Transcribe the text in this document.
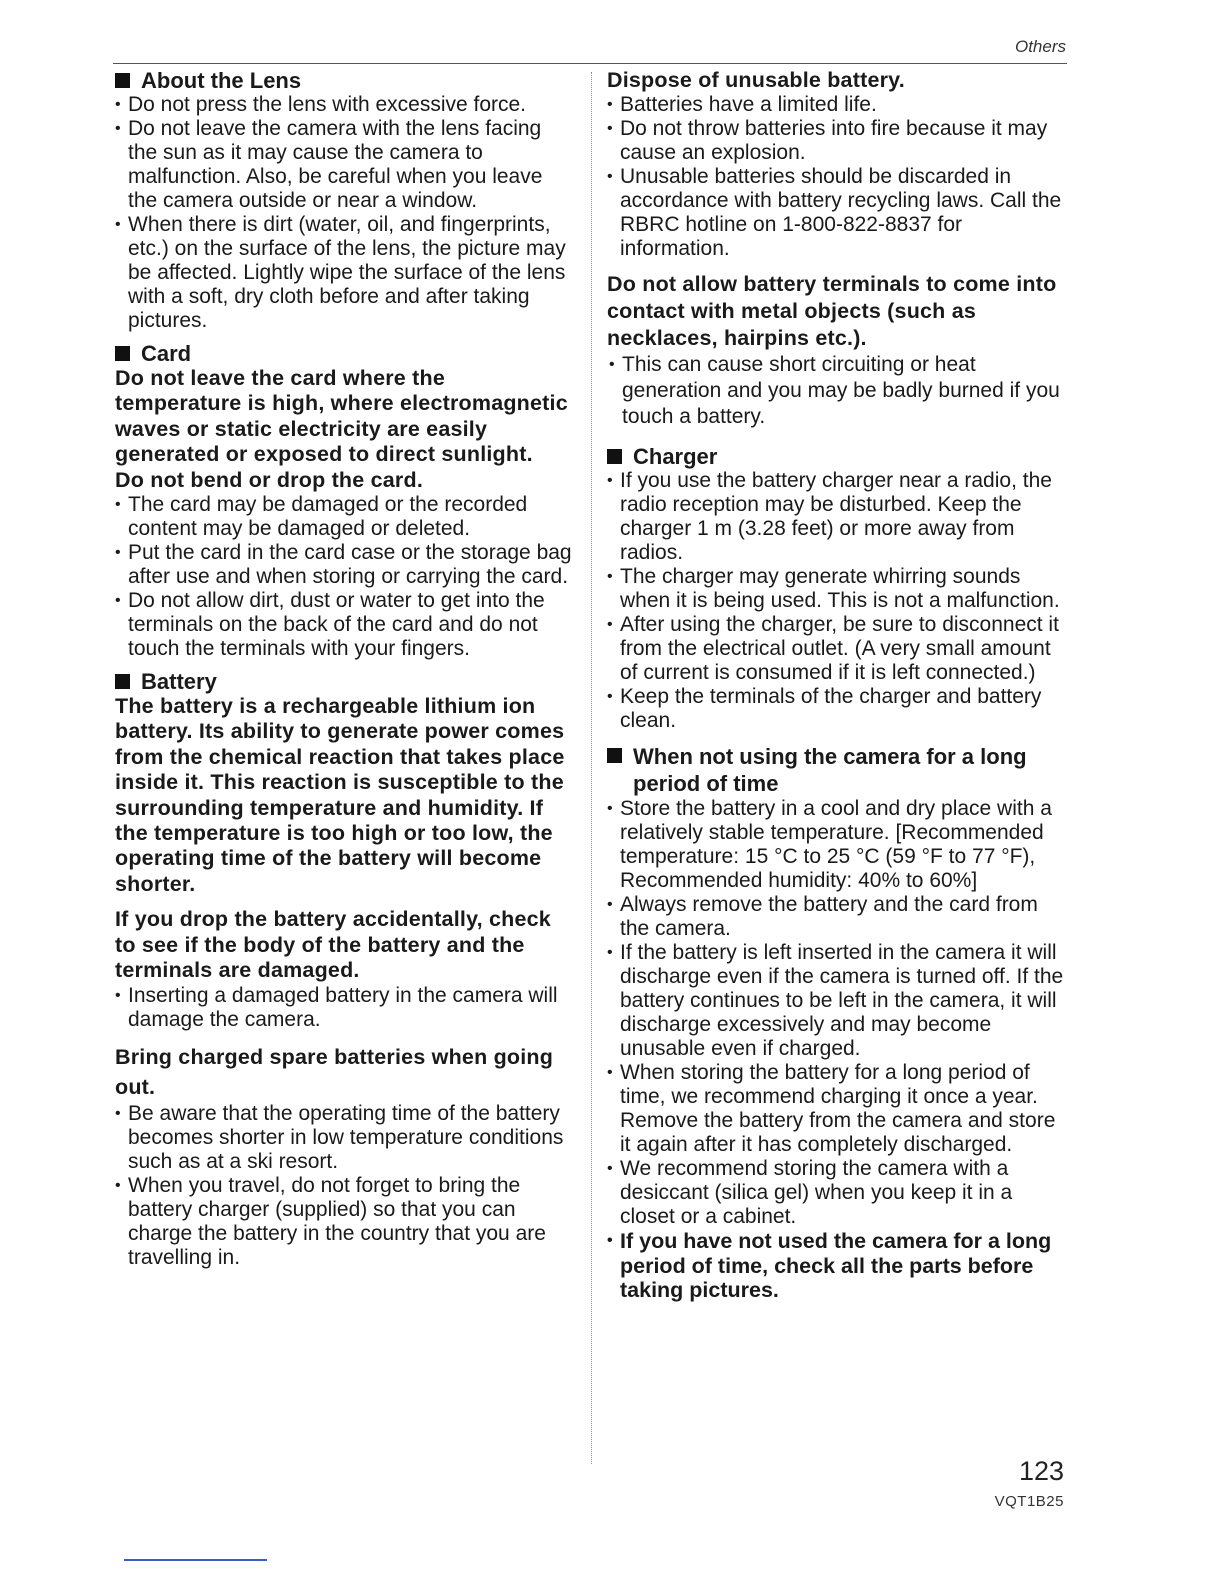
Others
About the Lens
• Do not press the lens with excessive force.
• Do not leave the camera with the lens facing the sun as it may cause the camera to malfunction. Also, be careful when you leave the camera outside or near a window.
• When there is dirt (water, oil, and fingerprints, etc.) on the surface of the lens, the picture may be affected. Lightly wipe the surface of the lens with a soft, dry cloth before and after taking pictures.
Card

Do not leave the card where the temperature is high, where electromagnetic waves or static electricity are easily generated or exposed to direct sunlight.

Do not bend or drop the card.

• The card may be damaged or the recorded content may be damaged or deleted.
• Put the card in the card case or the storage bag after use and when storing or carrying the card.
• Do not allow dirt, dust or water to get into the terminals on the back of the card and do not touch the terminals with your fingers.
Battery

The battery is a rechargeable lithium ion battery. Its ability to generate power comes from the chemical reaction that takes place inside it. This reaction is susceptible to the surrounding temperature and humidity. If the temperature is too high or too low, the operating time of the battery will become shorter.

If you drop the battery accidentally, check to see if the body of the battery and the terminals are damaged.

• Inserting a damaged battery in the camera will damage the camera.

Bring charged spare batteries when going out.

• Be aware that the operating time of the battery becomes shorter in low temperature conditions such as at a ski resort.
• When you travel, do not forget to bring the battery charger (supplied) so that you can charge the battery in the country that you are travelling in.

Dispose of unusable battery.

• Batteries have a limited life.
• Do not throw batteries into fire because it may cause an explosion.
• Unusable batteries should be discarded in accordance with battery recycling laws. Call the RBRC hotline on 1-800-822-8837 for information.

Do not allow battery terminals to come into contact with metal objects (such as necklaces, hairpins etc.).

• This can cause short circuiting or heat generation and you may be badly burned if you touch a battery.
Charger
• If you use the battery charger near a radio, the radio reception may be disturbed. Keep the charger 1 m (3.28 feet) or more away from radios.
• The charger may generate whirring sounds when it is being used. This is not a malfunction.
• After using the charger, be sure to disconnect it from the electrical outlet. (A very small amount of current is consumed if it is left connected.)
• Keep the terminals of the charger and battery clean.
When not using the camera for a long period of time
• Store the battery in a cool and dry place with a relatively stable temperature. [Recommended temperature: 15 °C to 25 °C (59 °F to 77 °F), Recommended humidity: 40% to 60%]
• Always remove the battery and the card from the camera.
• If the battery is left inserted in the camera it will discharge even if the camera is turned off. If the battery continues to be left in the camera, it will discharge excessively and may become unusable even if charged.
• When storing the battery for a long period of time, we recommend charging it once a year. Remove the battery from the camera and store it again after it has completely discharged.
• We recommend storing the camera with a desiccant (silica gel) when you keep it in a closet or a cabinet.
• If you have not used the camera for a long period of time, check all the parts before taking pictures.
123
VQT1B25
